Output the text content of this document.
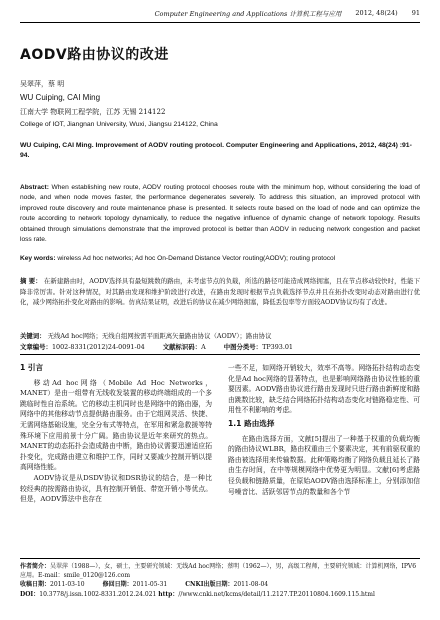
Computer Engineering and Applications 计算机工程与应用 2012, 48(24) 91
AODV路由协议的改进
吴翠萍，蔡 明
WU Cuiping, CAI Ming
江南大学 物联网工程学院，江苏 无锡 214122
College of IOT, Jiangnan University, Wuxi, Jiangsu 214122, China
WU Cuiping, CAI Ming. Improvement of AODV routing protocol. Computer Engineering and Applications, 2012, 48(24) :91-94.
Abstract: When establishing new route, AODV routing protocol chooses route with the minimum hop, without considering the load of node, and when node moves faster, the performance degenerates severely. To address this situation, an improved protocol with improved route discovery and route maintenance phase is presented. It selects route based on the load of node and can optimize the route according to network topology dynamically, to reduce the negative influence of dynamic change of network topology. Results obtained through simulations demonstrate that the improved protocol is better than AODV in reducing network congestion and packet loss rate.
Key words: wireless Ad hoc networks; Ad hoc On-Demand Distance Vector routing(AODV); routing protocol
摘 要： 在新建路由时，AODV选择具有最短跳数的路由，未考虑节点的负载，所选的路径可能造成网络拥塞，且在节点移动较快时，性能下降非常厉害。针对这种情况，对其路由发现和维护阶段进行改进，在路由发现时根据节点负载选择节点并且在拓扑改变时动态对路由进行优化，减少网络拓扑变化对路由的影响。仿真结果证明，改进后的协议在减少网络拥塞，降低丢包率等方面较AODV协议均有了改进。
关键词： 无线Ad hoc网络；无线自组网按需平面距离矢量路由协议（AODV）；路由协议
文章编号：1002-8331(2012)24-0091-04	文献标识码：A	中图分类号：TP393.01
1 引言

移动Ad hoc网络（Mobile Ad Hoc Networks，MANET）是由一组带有无线收发装置的移动终端组成的一个多跳临时性自治系统。它的移动主机同时也是网络中的路由器，为网络中的其他移动节点提供路由服务。由于它组网灵活、快捷、无需网络基础设施，完全分布式等特点，在军用和紧急救援等特殊环境下应用前景十分广阔。路由协议是近年来研究的热点。MANET的动态拓扑会造成路由中断，路由协议需要迅速适应拓扑变化，完成路由建立和维护工作，同时又要减少控制开销以提高网络性能。

AODV协议是从DSDV协议和DSR协议的结合，是一种比较经典的按需路由协议，具有控制开销低、带宽开销小等优点。但是，AODV算法中也存在

一些不足，如网络开销较大，效率不高等。网络拓扑结构动态变化是Ad hoc网络的显著特点，也是影响网络路由协议性能的重要因素。AODV路由协议进行路由发现时只进行路由新鲜度和路由跳数比较，缺乏结合网络拓扑结构动态变化对链路稳定性、可用性不利影响的考虑。

1.1 路由选择

在路由选择方面，文献[5]提出了一种基于权重的负载均衡的路由协议WLBR，路由权重由三个要素决定，其有前驱权重的路由被选择用来传输数据。此种策略均衡了网络负载且延长了路由生存时间，在中等规模网络中优势更为明显。文献[6]考虑路径负载和链路质量，在原始AODV路由选择标准上，分别添加信号噪音比、活跃邻居节点的数量和各个节

作者简介：吴翠萍（1988—），女，硕士，主要研究领域：无线Ad hoc网络；蔡明（1962—），男，高级工程师，主要研究领域：计算机网络，IPV6应用。E-mail：smile_0120@126.com
收稿日期：2011-03-10	修回日期：2011-05-31	CNKI出版日期：2011-08-04
DOI：10.3778/j.issn.1002-8331.2012.24.021 http：//www.cnki.net/kcms/detail/11.2127.TP.20110804.1609.115.html
